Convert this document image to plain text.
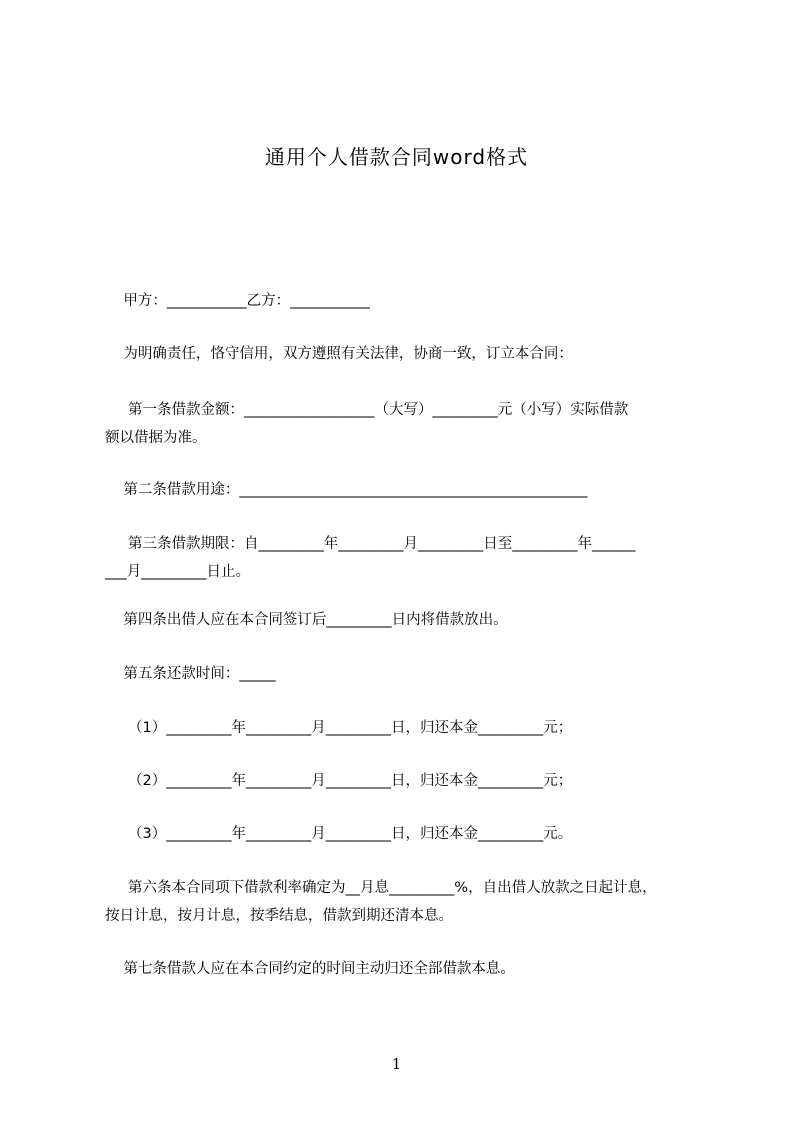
通用个人借款合同word格式
甲方：___________乙方：___________
为明确责任，恪守信用，双方遵照有关法律，协商一致，订立本合同：
第一条借款金额：__________________（大写）_________元（小写）实际借款
额以借据为准。
第二条借款用途：________________________________________________
第三条借款期限：自_________年_________月_________日至_________年______
___月_________日止。
第四条出借人应在本合同签订后_________日内将借款放出。
第五条还款时间：_____
（1）_________年_________月_________日，归还本金_________元；
（2）_________年_________月_________日，归还本金_________元；
（3）_________年_________月_________日，归还本金_________元。
第六条本合同项下借款利率确定为__月息_________%，自出借人放款之日起计息，
按日计息，按月计息，按季结息，借款到期还清本息。
第七条借款人应在本合同约定的时间主动归还全部借款本息。
1
